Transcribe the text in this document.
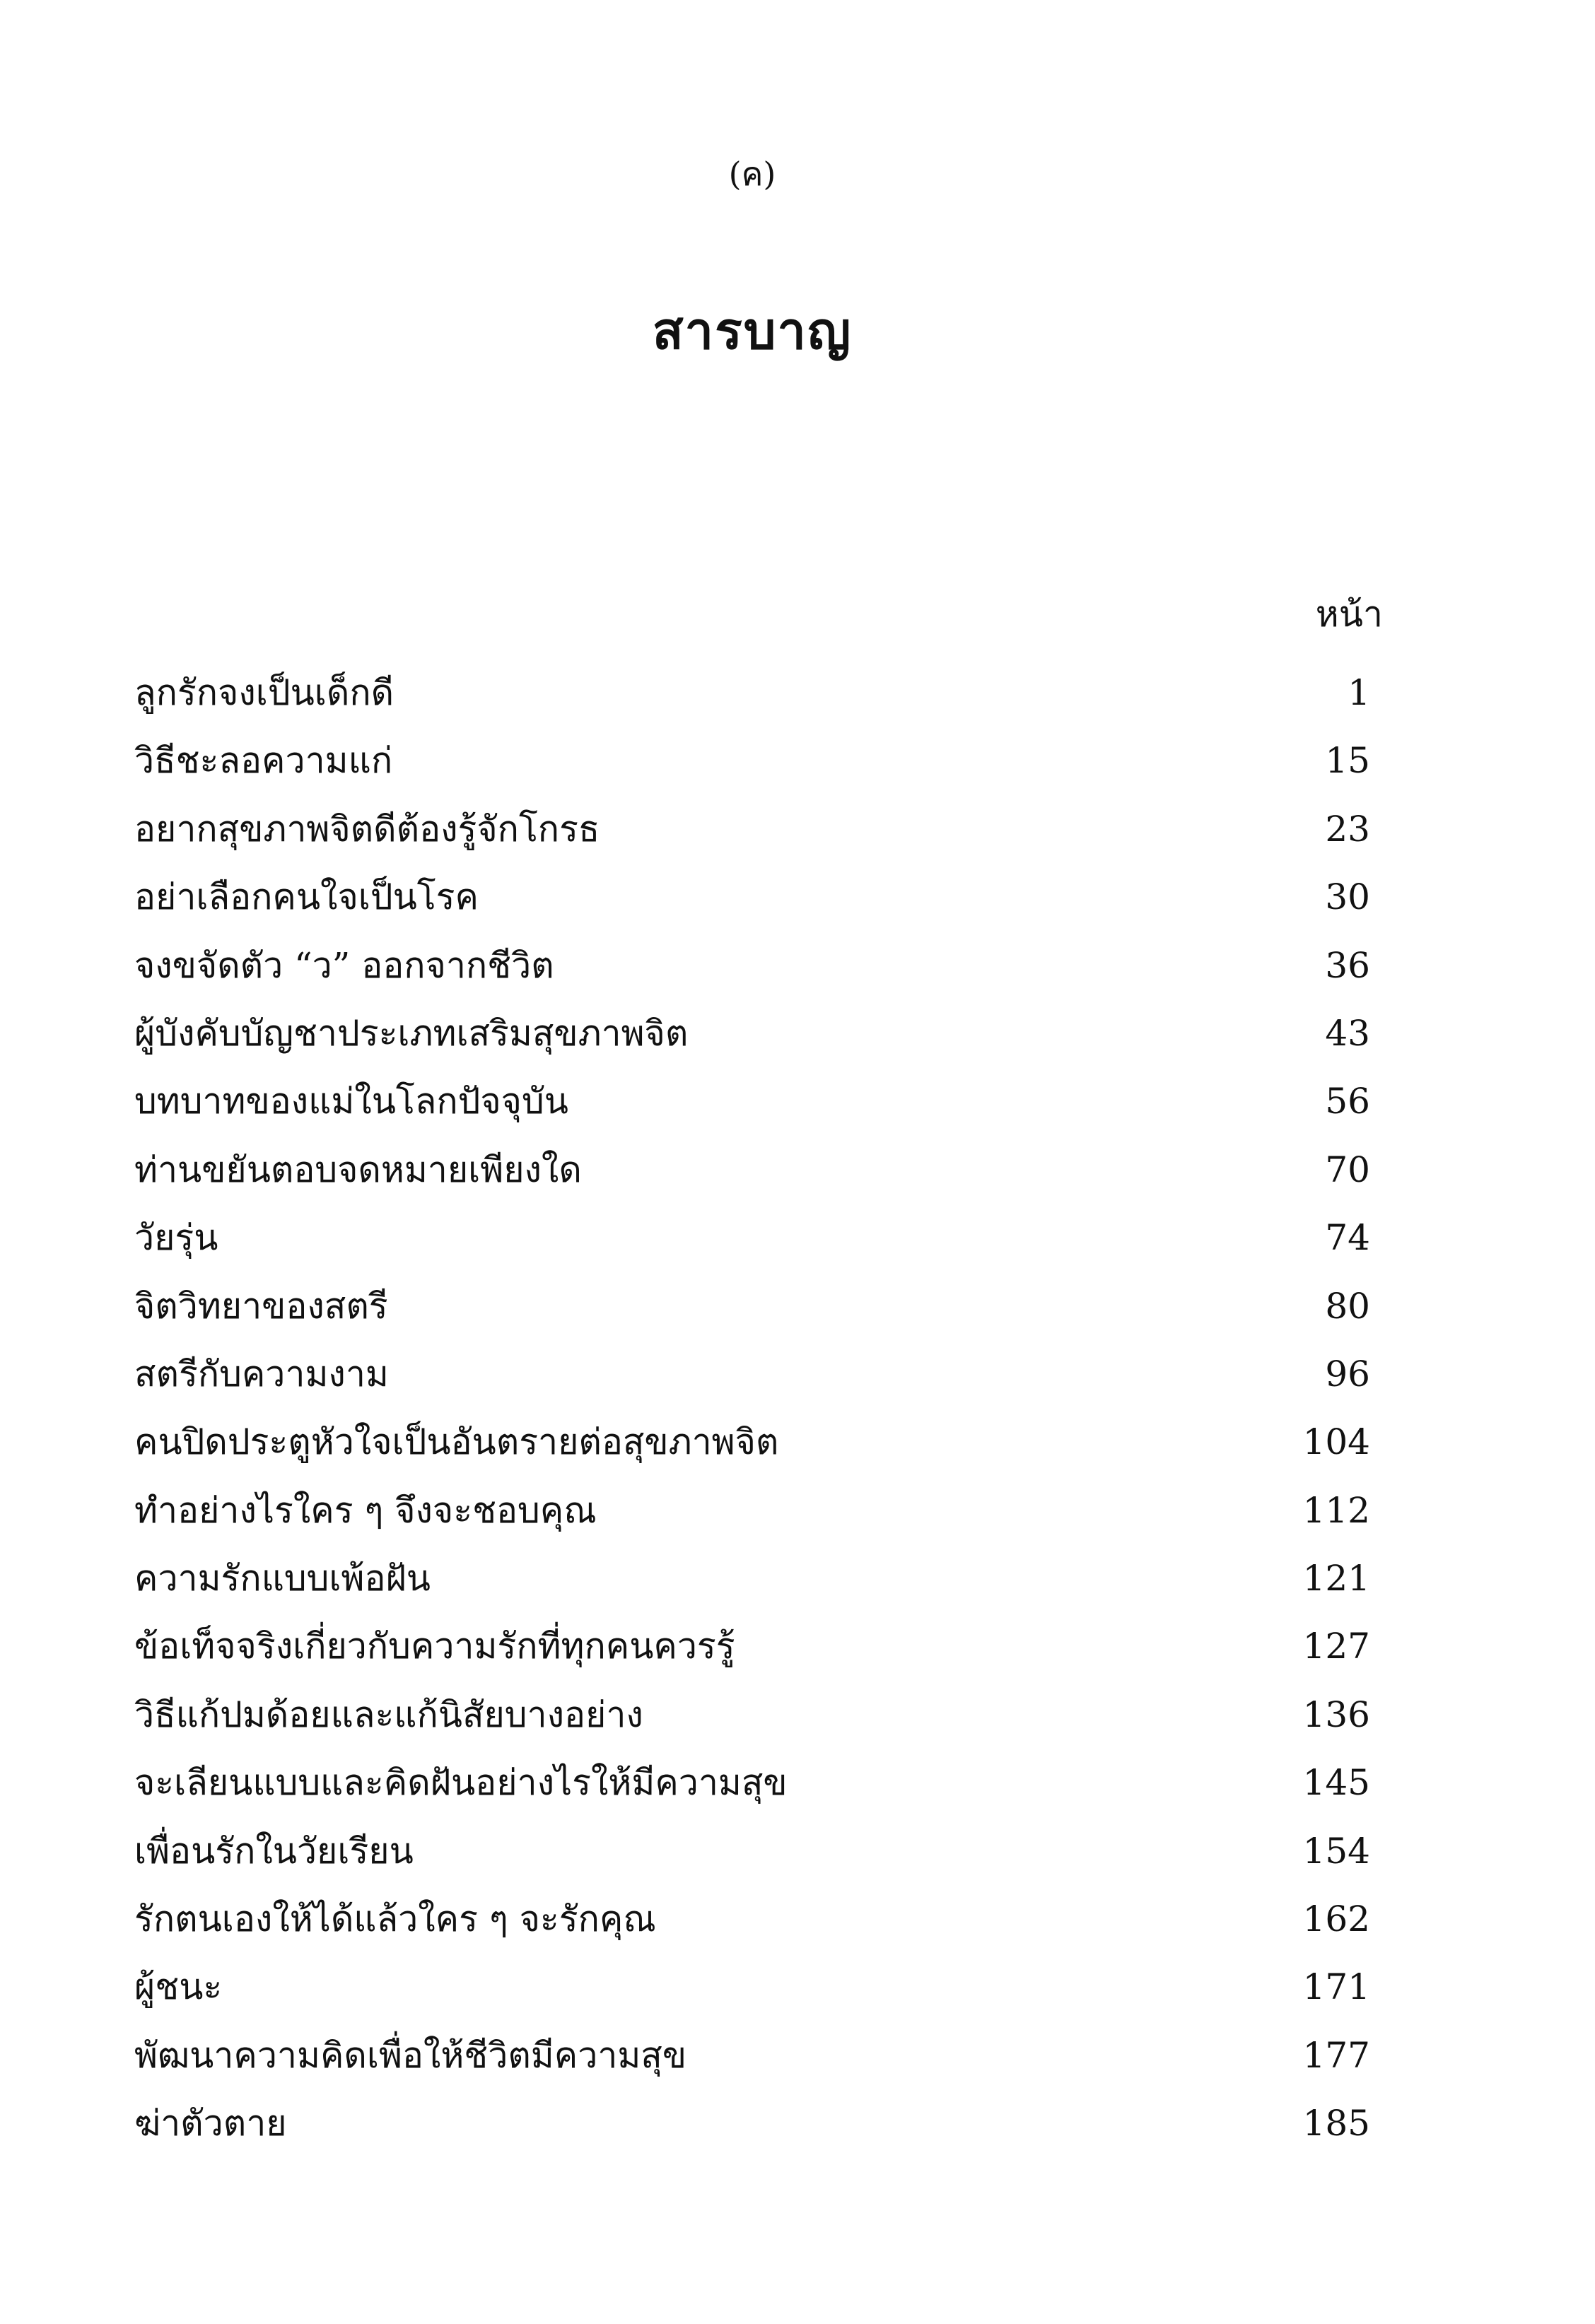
(ค)
สารบาญ
หน้า
ลูกรักจงเป็นเด็กดี	1
วิธีชะลอความแก่	15
อยากสุขภาพจิตดีต้องรู้จักโกรธ	23
อย่าเลือกคนใจเป็นโรค	30
จงขจัดตัว “ว” ออกจากชีวิต	36
ผู้บังคับบัญชาประเภทเสริมสุขภาพจิต	43
บทบาทของแม่ในโลกปัจจุบัน	56
ท่านขยันตอบจดหมายเพียงใด	70
วัยรุ่น	74
จิตวิทยาของสตรี	80
สตรีกับความงาม	96
คนปิดประตูหัวใจเป็นอันตรายต่อสุขภาพจิต	104
ทำอย่างไรใคร ๆ จึงจะชอบคุณ	112
ความรักแบบเพ้อฝัน	121
ข้อเท็จจริงเกี่ยวกับความรักที่ทุกคนควรรู้	127
วิธีแก้ปมด้อยและแก้นิสัยบางอย่าง	136
จะเลียนแบบและคิดฝันอย่างไรให้มีความสุข	145
เพื่อนรักในวัยเรียน	154
รักตนเองให้ได้แล้วใคร ๆ จะรักคุณ	162
ผู้ชนะ	171
พัฒนาความคิดเพื่อให้ชีวิตมีความสุข	177
ฆ่าตัวตาย	185
